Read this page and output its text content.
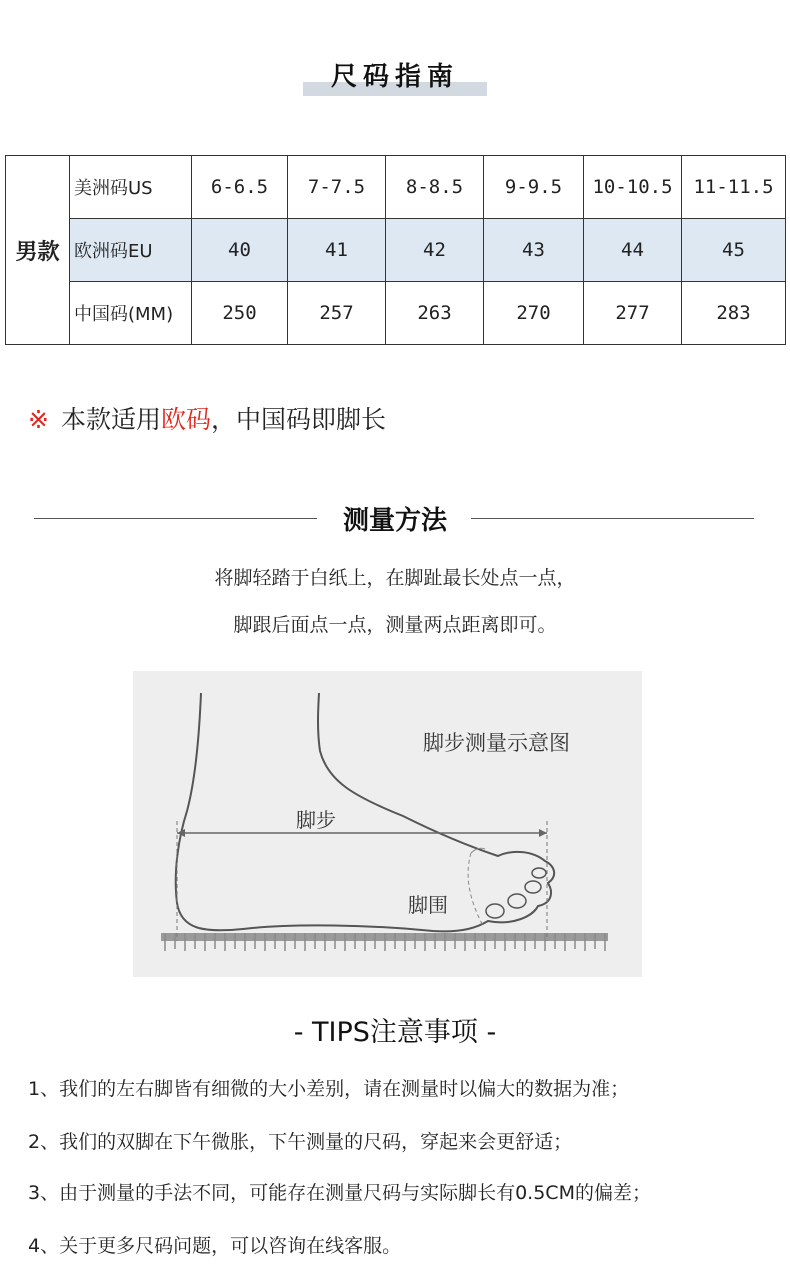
尺码指南
男款	美洲码US	6-6.5	7-7.5	8-8.5	9-9.5	10-10.5	11-11.5
	欧洲码EU	40	41	42	43	44	45
	中国码(MM)	250	257	263	270	277	283
※ 本款适用欧码，中国码即脚长
测量方法
将脚轻踏于白纸上，在脚趾最长处点一点，
脚跟后面点一点，测量两点距离即可。
脚步测量示意图
脚步
脚围
- TIPS注意事项 -
1、我们的左右脚皆有细微的大小差别，请在测量时以偏大的数据为准；
2、我们的双脚在下午微胀，下午测量的尺码，穿起来会更舒适；
3、由于测量的手法不同，可能存在测量尺码与实际脚长有0.5CM的偏差；
4、关于更多尺码问题，可以咨询在线客服。
